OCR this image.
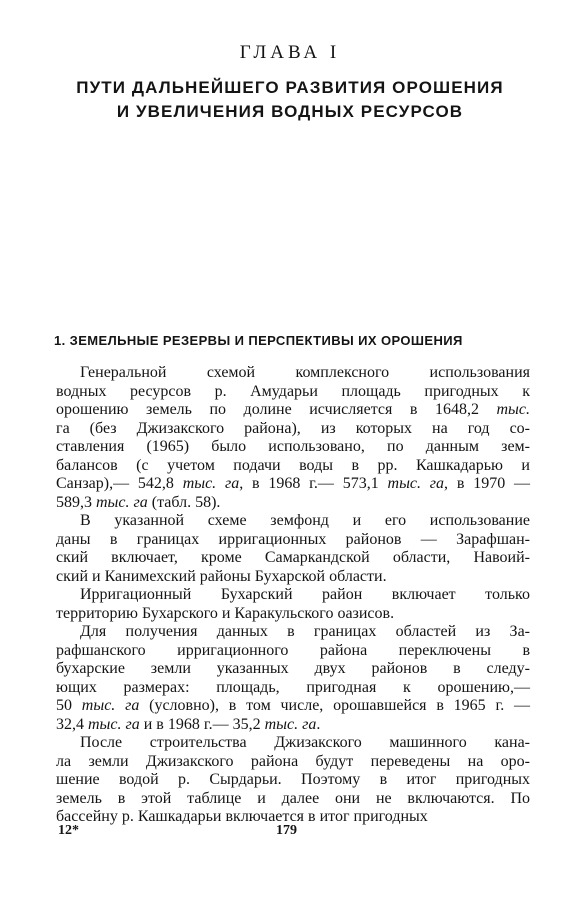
ГЛАВА I
ПУТИ ДАЛЬНЕЙШЕГО РАЗВИТИЯ ОРОШЕНИЯ
И УВЕЛИЧЕНИЯ ВОДНЫХ РЕСУРСОВ
1. ЗЕМЕЛЬНЫЕ РЕЗЕРВЫ И ПЕРСПЕКТИВЫ ИХ ОРОШЕНИЯ

Генеральной схемой комплексного использования
водных ресурсов р. Амударьи площадь пригодных к
орошению земель по долине исчисляется в 1648,2 тыс.
га (без Джизакского района), из которых на год со-
ставления (1965) было использовано, по данным зем-
балансов (с учетом подачи воды в рр. Кашкадарью и
Санзар),— 542,8 тыс. га, в 1968 г.— 573,1 тыс. га, в 1970 —
589,3 тыс. га (табл. 58).

В указанной схеме земфонд и его использование
даны в границах ирригационных районов — Зарафшан-
ский включает, кроме Самаркандской области, Навоий-
ский и Канимехский районы Бухарской области.

Ирригационный Бухарский район включает только
территорию Бухарского и Каракульского оазисов.

Для получения данных в границах областей из За-
рафшанского ирригационного района переключены в
бухарские земли указанных двух районов в следу-
ющих размерах: площадь, пригодная к орошению,—
50 тыс. га (условно), в том числе, орошавшейся в 1965 г. —
32,4 тыс. га и в 1968 г.— 35,2 тыс. га.

После строительства Джизакского машинного кана-
ла земли Джизакского района будут переведены на оро-
шение водой р. Сырдарьи. Поэтому в итог пригодных
земель в этой таблице и далее они не включаются. По
бассейну р. Кашкадарьи включается в итог пригодных

12*	179
